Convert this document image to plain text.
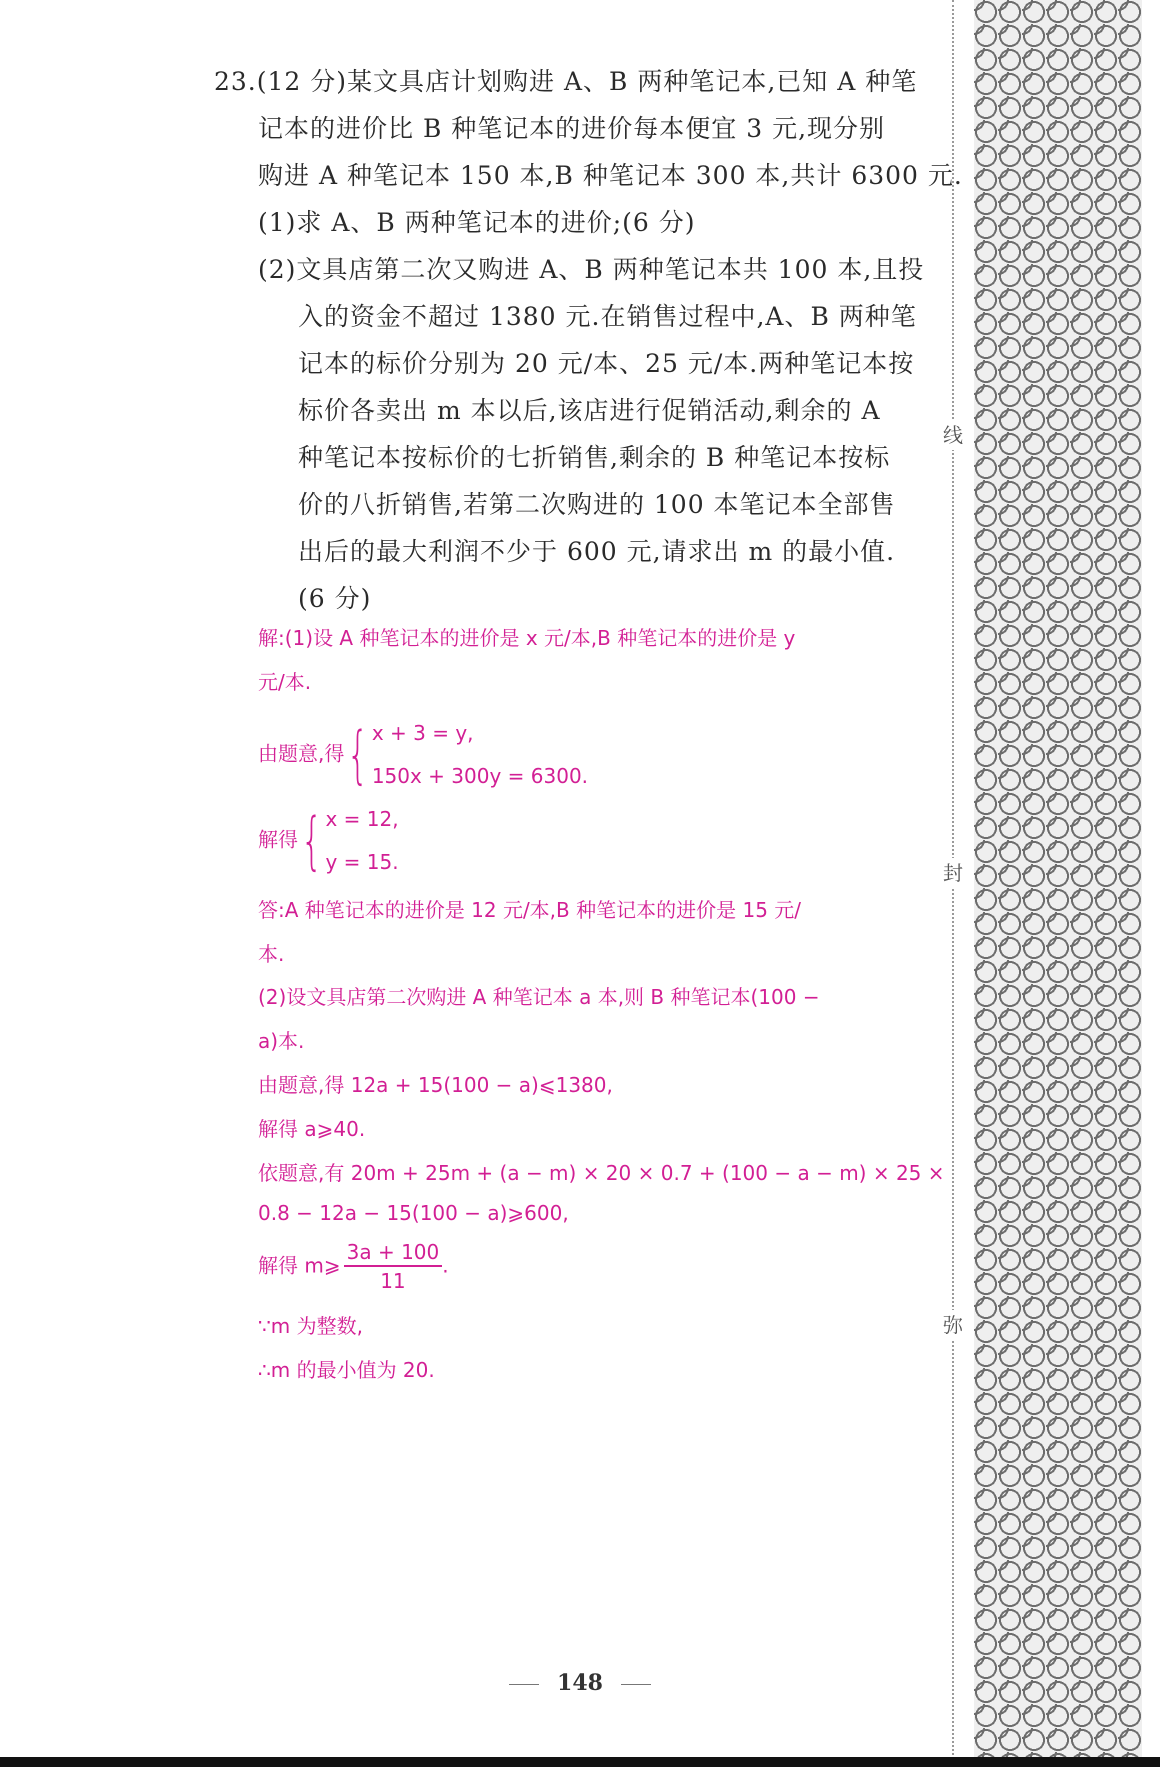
23.(12 分)某文具店计划购进 A、B 两种笔记本,已知 A 种笔
记本的进价比 B 种笔记本的进价每本便宜 3 元,现分别
购进 A 种笔记本 150 本,B 种笔记本 300 本,共计 6300 元.
(1)求 A、B 两种笔记本的进价;(6 分)
(2)文具店第二次又购进 A、B 两种笔记本共 100 本,且投
入的资金不超过 1380 元.在销售过程中,A、B 两种笔
记本的标价分别为 20 元/本、25 元/本.两种笔记本按
标价各卖出 m 本以后,该店进行促销活动,剩余的 A
种笔记本按标价的七折销售,剩余的 B 种笔记本按标
价的八折销售,若第二次购进的 100 本笔记本全部售
出后的最大利润不少于 600 元,请求出 m 的最小值.
(6 分)
解:(1)设 A 种笔记本的进价是 x 元/本,B 种笔记本的进价是 y
元/本.
由题意,得{ x + 3 = y,
150x + 300y = 6300.
解得{ x = 12,
y = 15.
答:A 种笔记本的进价是 12 元/本,B 种笔记本的进价是 15 元/
本.
(2)设文具店第二次购进 A 种笔记本 a 本,则 B 种笔记本(100 −
a)本.
由题意,得 12a + 15(100 − a)⩽1380,
解得 a⩾40.
依题意,有 20m + 25m + (a − m) × 20 × 0.7 + (100 − a − m) × 25 ×
0.8 − 12a − 15(100 − a)⩾600,
解得 m⩾ $\frac{3a + 100}{11}$ .
∵m 为整数,
∴m 的最小值为 20.
线
封
弥
148
